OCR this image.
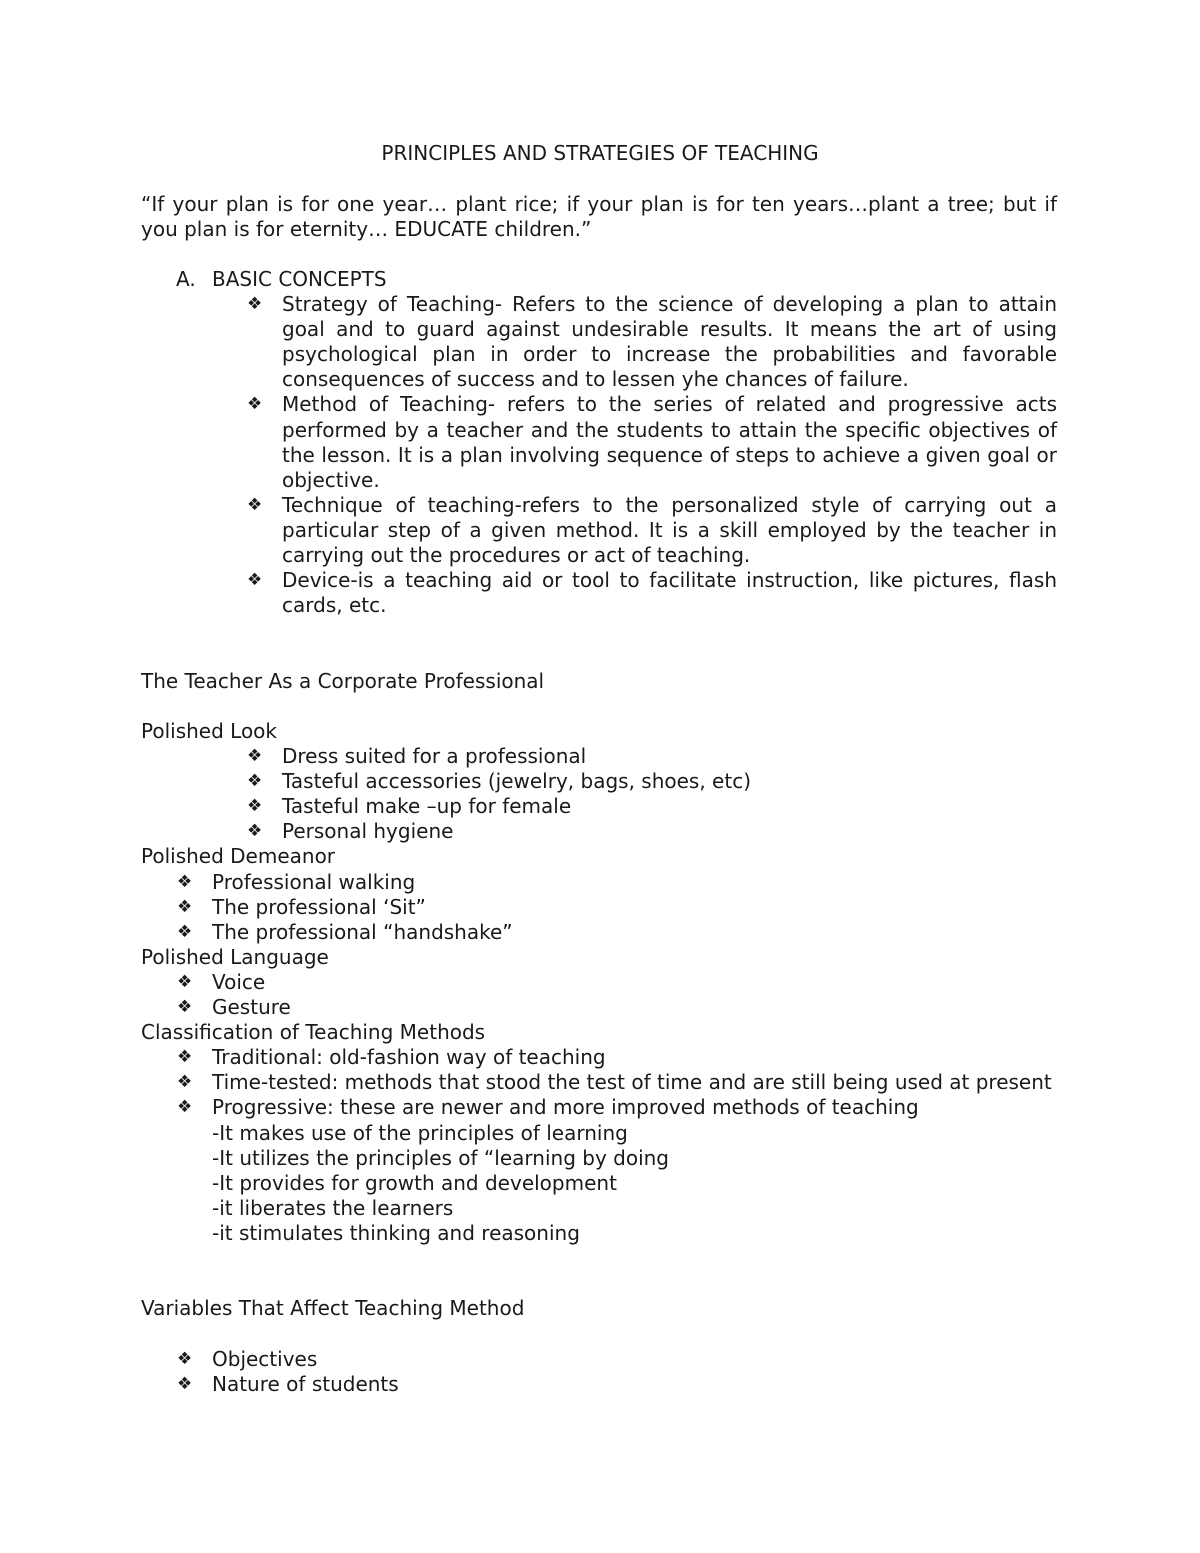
PRINCIPLES AND STRATEGIES OF TEACHING

“If your plan is for one year… plant rice; if your plan is for ten years…plant a tree; but if you plan is for eternity… EDUCATE children.”

A. BASIC CONCEPTS
❖ Strategy of Teaching- Refers to the science of developing a plan to attain goal and to guard against undesirable results. It means the art of using psychological plan in order to increase the probabilities and favorable consequences of success and to lessen yhe chances of failure.
❖ Method of Teaching- refers to the series of related and progressive acts performed by a teacher and the students to attain the specific objectives of the lesson. It is a plan involving sequence of steps to achieve a given goal or objective.
❖ Technique of teaching-refers to the personalized style of carrying out a particular step of a given method. It is a skill employed by the teacher in carrying out the procedures or act of teaching.
❖ Device-is a teaching aid or tool to facilitate instruction, like pictures, flash cards, etc.

The Teacher As a Corporate Professional

Polished Look
❖ Dress suited for a professional
❖ Tasteful accessories (jewelry, bags, shoes, etc)
❖ Tasteful make –up for female
❖ Personal hygiene
Polished Demeanor
❖ Professional walking
❖ The professional ‘Sit”
❖ The professional “handshake”
Polished Language
❖ Voice
❖ Gesture
Classification of Teaching Methods
❖ Traditional: old-fashion way of teaching
❖ Time-tested: methods that stood the test of time and are still being used at present
❖ Progressive: these are newer and more improved methods of teaching
-It makes use of the principles of learning
-It utilizes the principles of “learning by doing
-It provides for growth and development
-it liberates the learners
-it stimulates thinking and reasoning

Variables That Affect Teaching Method

❖ Objectives
❖ Nature of students
